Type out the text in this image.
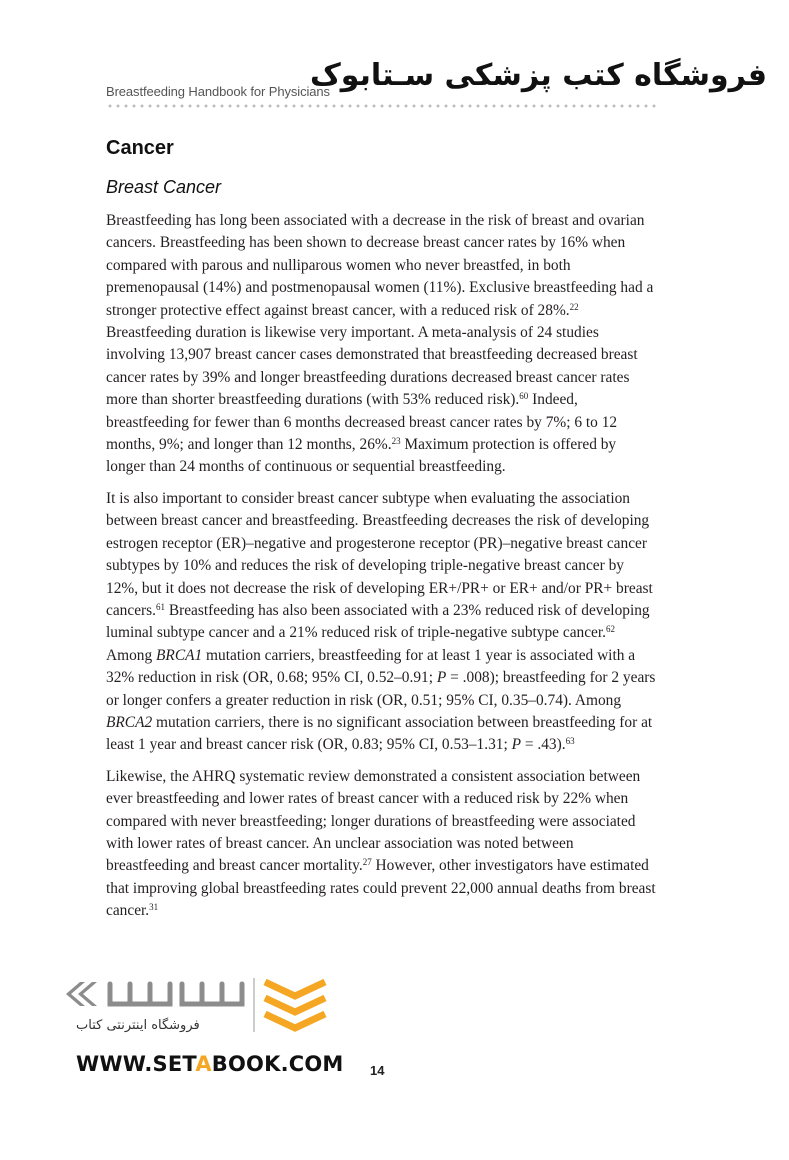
Breastfeeding Handbook for Physicians
فروشگاه کتب پزشکی سـتابوک
Cancer
Breast Cancer

Breastfeeding has long been associated with a decrease in the risk of breast and ovarian cancers. Breastfeeding has been shown to decrease breast cancer rates by 16% when compared with parous and nulliparous women who never breastfed, in both premenopausal (14%) and postmenopausal women (11%). Exclusive breastfeeding had a stronger protective effect against breast cancer, with a reduced risk of 28%.$^{22}$ Breastfeeding duration is likewise very important. A meta-analysis of 24 studies involving 13,907 breast cancer cases demonstrated that breastfeeding decreased breast cancer rates by 39% and longer breastfeeding durations decreased breast cancer rates more than shorter breastfeeding durations (with 53% reduced risk).$^{60}$ Indeed, breastfeeding for fewer than 6 months decreased breast cancer rates by 7%; 6 to 12 months, 9%; and longer than 12 months, 26%.$^{23}$ Maximum protection is offered by longer than 24 months of continuous or sequential breastfeeding.

It is also important to consider breast cancer subtype when evaluating the association between breast cancer and breastfeeding. Breastfeeding decreases the risk of developing estrogen receptor (ER)–negative and progesterone receptor (PR)–negative breast cancer subtypes by 10% and reduces the risk of developing triple-negative breast cancer by 12%, but it does not decrease the risk of developing ER+/PR+ or ER+ and/or PR+ breast cancers.$^{61}$ Breastfeeding has also been associated with a 23% reduced risk of developing luminal subtype cancer and a 21% reduced risk of triple-negative subtype cancer.$^{62}$ Among BRCA1 mutation carriers, breastfeeding for at least 1 year is associated with a 32% reduction in risk (OR, 0.68; 95% CI, 0.52–0.91; P = .008); breastfeeding for 2 years or longer confers a greater reduction in risk (OR, 0.51; 95% CI, 0.35–0.74). Among BRCA2 mutation carriers, there is no significant association between breastfeeding for at least 1 year and breast cancer risk (OR, 0.83; 95% CI, 0.53–1.31; P = .43).$^{63}$

Likewise, the AHRQ systematic review demonstrated a consistent association between ever breastfeeding and lower rates of breast cancer with a reduced risk by 22% when compared with never breastfeeding; longer durations of breastfeeding were associated with lower rates of breast cancer. An unclear association was noted between breastfeeding and breast cancer mortality.$^{27}$ However, other investigators have estimated that improving global breastfeeding rates could prevent 22,000 annual deaths from breast cancer.$^{31}$

فروشگاه اینترنتی کتاب
WWW.SETABOOK.COM 14
